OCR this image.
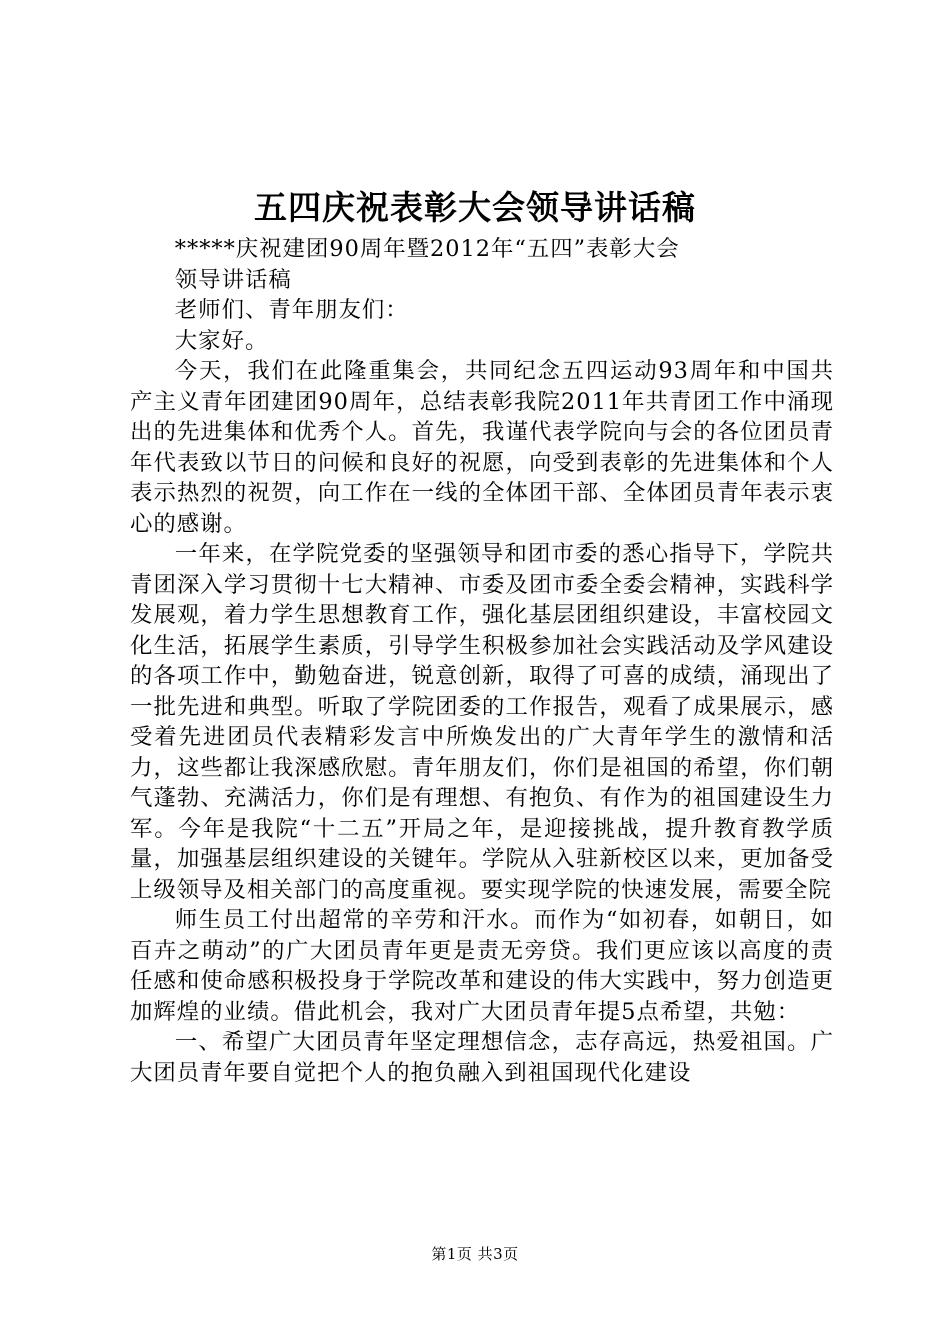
五四庆祝表彰大会领导讲话稿

*****庆祝建团90周年暨2012年“五四”表彰大会

领导讲话稿

老师们、青年朋友们：

大家好。

今天，我们在此隆重集会，共同纪念五四运动93周年和中国共产主义青年团建团90周年，总结表彰我院2011年共青团工作中涌现出的先进集体和优秀个人。首先，我谨代表学院向与会的各位团员青年代表致以节日的问候和良好的祝愿，向受到表彰的先进集体和个人表示热烈的祝贺，向工作在一线的全体团干部、全体团员青年表示衷心的感谢。

一年来，在学院党委的坚强领导和团市委的悉心指导下，学院共青团深入学习贯彻十七大精神、市委及团市委全委会精神，实践科学发展观，着力学生思想教育工作，强化基层团组织建设，丰富校园文化生活，拓展学生素质，引导学生积极参加社会实践活动及学风建设的各项工作中，勤勉奋进，锐意创新，取得了可喜的成绩，涌现出了一批先进和典型。听取了学院团委的工作报告，观看了成果展示，感受着先进团员代表精彩发言中所焕发出的广大青年学生的激情和活力，这些都让我深感欣慰。青年朋友们，你们是祖国的希望，你们朝气蓬勃、充满活力，你们是有理想、有抱负、有作为的祖国建设生力军。今年是我院“十二五”开局之年，是迎接挑战，提升教育教学质量，加强基层组织建设的关键年。学院从入驻新校区以来，更加备受上级领导及相关部门的高度重视。要实现学院的快速发展，需要全院

师生员工付出超常的辛劳和汗水。而作为“如初春，如朝日，如百卉之萌动”的广大团员青年更是责无旁贷。我们更应该以高度的责任感和使命感积极投身于学院改革和建设的伟大实践中，努力创造更加辉煌的业绩。借此机会，我对广大团员青年提5点希望，共勉：

一、希望广大团员青年坚定理想信念，志存高远，热爱祖国。广大团员青年要自觉把个人的抱负融入到祖国现代化建设

第1页 共3页
